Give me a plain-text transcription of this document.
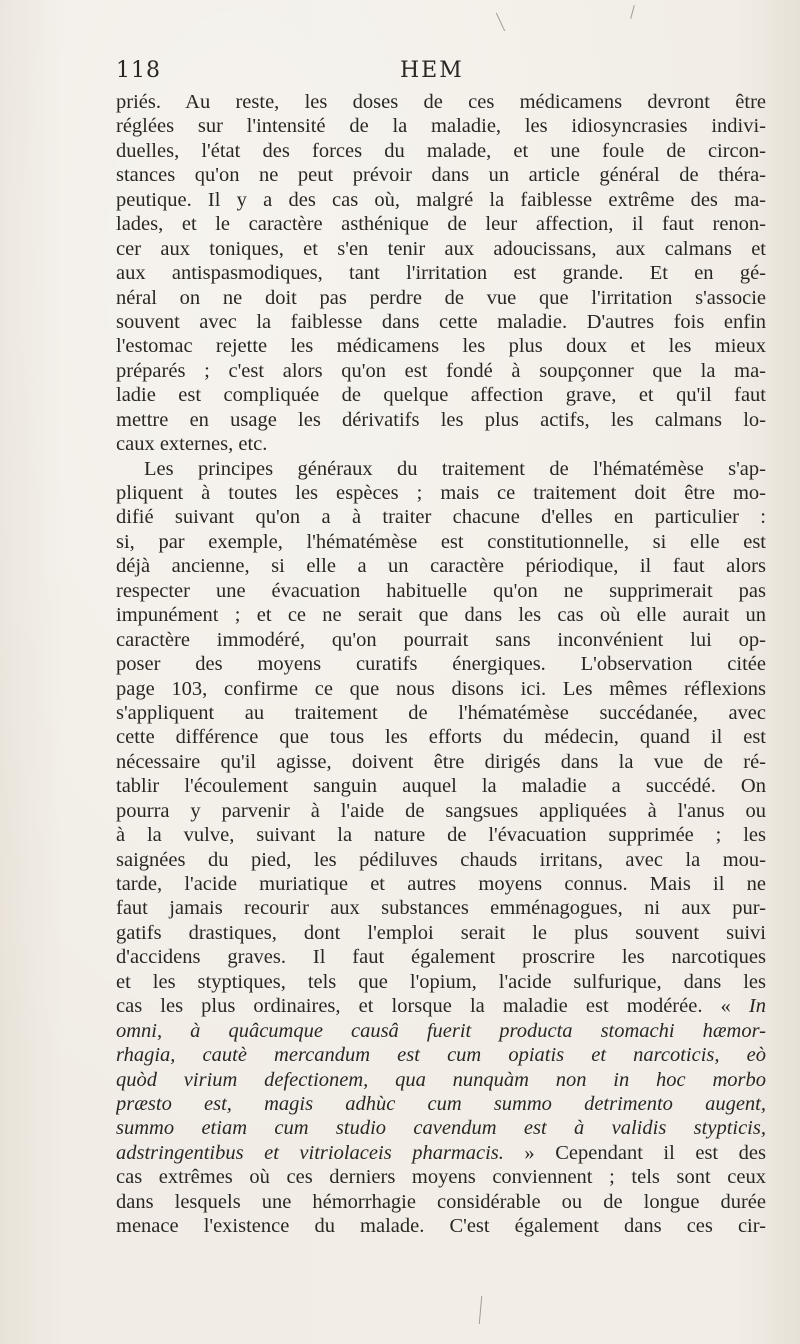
118	HEM
priés. Au reste, les doses de ces médicamens devront être
réglées sur l'intensité de la maladie, les idiosyncrasies indivi-
duelles, l'état des forces du malade, et une foule de circon-
stances qu'on ne peut prévoir dans un article général de théra-
peutique. Il y a des cas où, malgré la faiblesse extrême des ma-
lades, et le caractère asthénique de leur affection, il faut renon-
cer aux toniques, et s'en tenir aux adoucissans, aux calmans et
aux antispasmodiques, tant l'irritation est grande. Et en gé-
néral on ne doit pas perdre de vue que l'irritation s'associe
souvent avec la faiblesse dans cette maladie. D'autres fois enfin
l'estomac rejette les médicamens les plus doux et les mieux
préparés ; c'est alors qu'on est fondé à soupçonner que la ma-
ladie est compliquée de quelque affection grave, et qu'il faut
mettre en usage les dérivatifs les plus actifs, les calmans lo-
caux externes, etc.
Les principes généraux du traitement de l'hématémèse s'ap-
pliquent à toutes les espèces ; mais ce traitement doit être mo-
difié suivant qu'on a à traiter chacune d'elles en particulier :
si, par exemple, l'hématémèse est constitutionnelle, si elle est
déjà ancienne, si elle a un caractère périodique, il faut alors
respecter une évacuation habituelle qu'on ne supprimerait pas
impunément ; et ce ne serait que dans les cas où elle aurait un
caractère immodéré, qu'on pourrait sans inconvénient lui op-
poser des moyens curatifs énergiques. L'observation citée
page 103, confirme ce que nous disons ici. Les mêmes réflexions
s'appliquent au traitement de l'hématémèse succédanée, avec
cette différence que tous les efforts du médecin, quand il est
nécessaire qu'il agisse, doivent être dirigés dans la vue de ré-
tablir l'écoulement sanguin auquel la maladie a succédé. On
pourra y parvenir à l'aide de sangsues appliquées à l'anus ou
à la vulve, suivant la nature de l'évacuation supprimée ; les
saignées du pied, les pédiluves chauds irritans, avec la mou-
tarde, l'acide muriatique et autres moyens connus. Mais il ne
faut jamais recourir aux substances emménagogues, ni aux pur-
gatifs drastiques, dont l'emploi serait le plus souvent suivi
d'accidens graves. Il faut également proscrire les narcotiques
et les styptiques, tels que l'opium, l'acide sulfurique, dans les
cas les plus ordinaires, et lorsque la maladie est modérée. « In
omni, à quâcumque causâ fuerit producta stomachi hæmor-
rhagia, cautè mercandum est cum opiatis et narcoticis, eò
quòd virium defectionem, qua nunquàm non in hoc morbo
præsto est, magis adhùc cum summo detrimento augent,
summo etiam cum studio cavendum est à validis stypticis,
adstringentibus et vitriolaceis pharmacis. » Cependant il est des
cas extrêmes où ces derniers moyens conviennent ; tels sont ceux
dans lesquels une hémorrhagie considérable ou de longue durée
menace l'existence du malade. C'est également dans ces cir-
